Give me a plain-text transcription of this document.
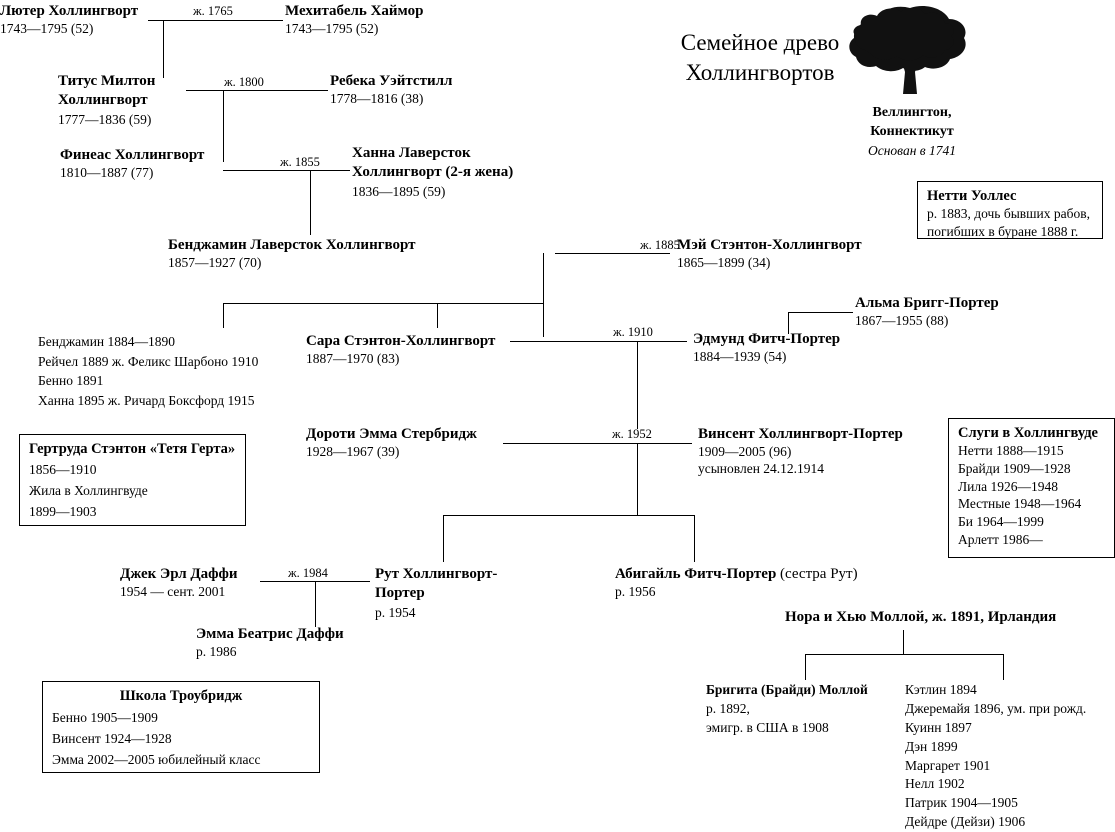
Семейное древо
Холлингвортов
Веллингтон,
Коннектикут
Основан в 1741
Лютер Холлингворт
1743—1795 (52)
Мехитабель Хаймор
1743—1795 (52)
ж. 1765
Титус Милтон
Холлингворт
1777—1836 (59)
Ребека Уэйтстилл
1778—1816 (38)
ж. 1800
Финеас Холлингворт
1810—1887 (77)
Ханна Лаверсток
Холлингворт (2-я жена)
1836—1895 (59)
ж. 1855
Нетти Уоллес
р. 1883, дочь бывших рабов,
погибших в буране 1888 г.
Бенджамин Лаверсток Холлингворт
1857—1927 (70)
Мэй Стэнтон-Холлингворт
1865—1899 (34)
ж. 1885
Альма Бригг-Портер
1867—1955 (88)
Бенджамин 1884—1890
Рейчел 1889 ж. Феликс Шарбоно 1910
Бенно 1891
Ханна 1895 ж. Ричард Боксфорд 1915
Сара Стэнтон-Холлингворт
1887—1970 (83)
Эдмунд Фитч-Портер
1884—1939 (54)
ж. 1910
Гертруда Стэнтон «Тетя Герта»
1856—1910
Жила в Холлингвуде
1899—1903
Слуги в Холлингвуде
Нетти 1888—1915
Брайди 1909—1928
Лила 1926—1948
Местные 1948—1964
Би 1964—1999
Арлетт 1986—
Дороти Эмма Стербридж
1928—1967 (39)
Винсент Холлингворт-Портер
1909—2005 (96)
усыновлен 24.12.1914
ж. 1952
Джек Эрл Даффи
1954 — сент. 2001
Рут Холлингворт-
Портер
р. 1954
ж. 1984	Абигайль Фитч-Портер (сестра Рут)
р. 1956
Эмма Беатрис Даффи
р. 1986
Школа Троубридж
Бенно 1905—1909
Винсент 1924—1928
Эмма 2002—2005 юбилейный класс
Нора и Хью Моллой, ж. 1891, Ирландия
Бригита (Брайди) Моллой
р. 1892,
эмигр. в США в 1908
Кэтлин 1894
Джеремайя 1896, ум. при рожд.
Куинн 1897
Дэн 1899
Маргарет 1901
Нелл 1902
Патрик 1904—1905
Дейдре (Дейзи) 1906
